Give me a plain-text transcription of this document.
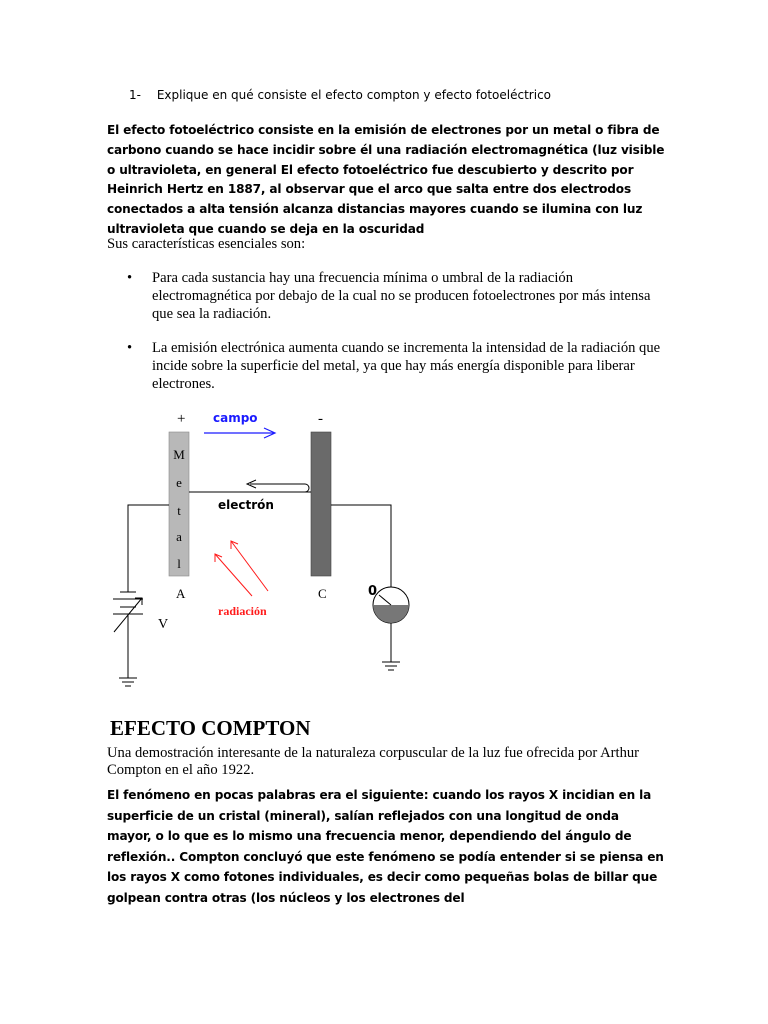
1- Explique en qué consiste el efecto compton y efecto fotoeléctrico
El efecto fotoeléctrico consiste en la emisión de electrones por un metal o fibra de carbono cuando se hace incidir sobre él una radiación electromagnética (luz visible o ultravioleta, en general El efecto fotoeléctrico fue descubierto y descrito por Heinrich Hertz en 1887, al observar que el arco que salta entre dos electrodos conectados a alta tensión alcanza distancias mayores cuando se ilumina con luz ultravioleta que cuando se deja en la oscuridad
Sus características esenciales son:
• Para cada sustancia hay una frecuencia mínima o umbral de la radiación electromagnética por debajo de la cual no se producen fotoelectrones por más intensa que sea la radiación.
• La emisión electrónica aumenta cuando se incrementa la intensidad de la radiación que incide sobre la superficie del metal, ya que hay más energía disponible para liberar electrones.
+	-
campo
M
e
t
a
l
electrón
radiación
A	C
V
0
EFECTO COMPTON
Una demostración interesante de la naturaleza corpuscular de la luz fue ofrecida por Arthur Compton en el año 1922.
El fenómeno en pocas palabras era el siguiente: cuando los rayos X incidian en la superficie de un cristal (mineral), salían reflejados con una longitud de onda mayor, o lo que es lo mismo una frecuencia menor, dependiendo del ángulo de reflexión.. Compton concluyó que este fenómeno se podía entender si se piensa en los rayos X como fotones individuales, es decir como pequeñas bolas de billar que golpean contra otras (los núcleos y los electrones del
